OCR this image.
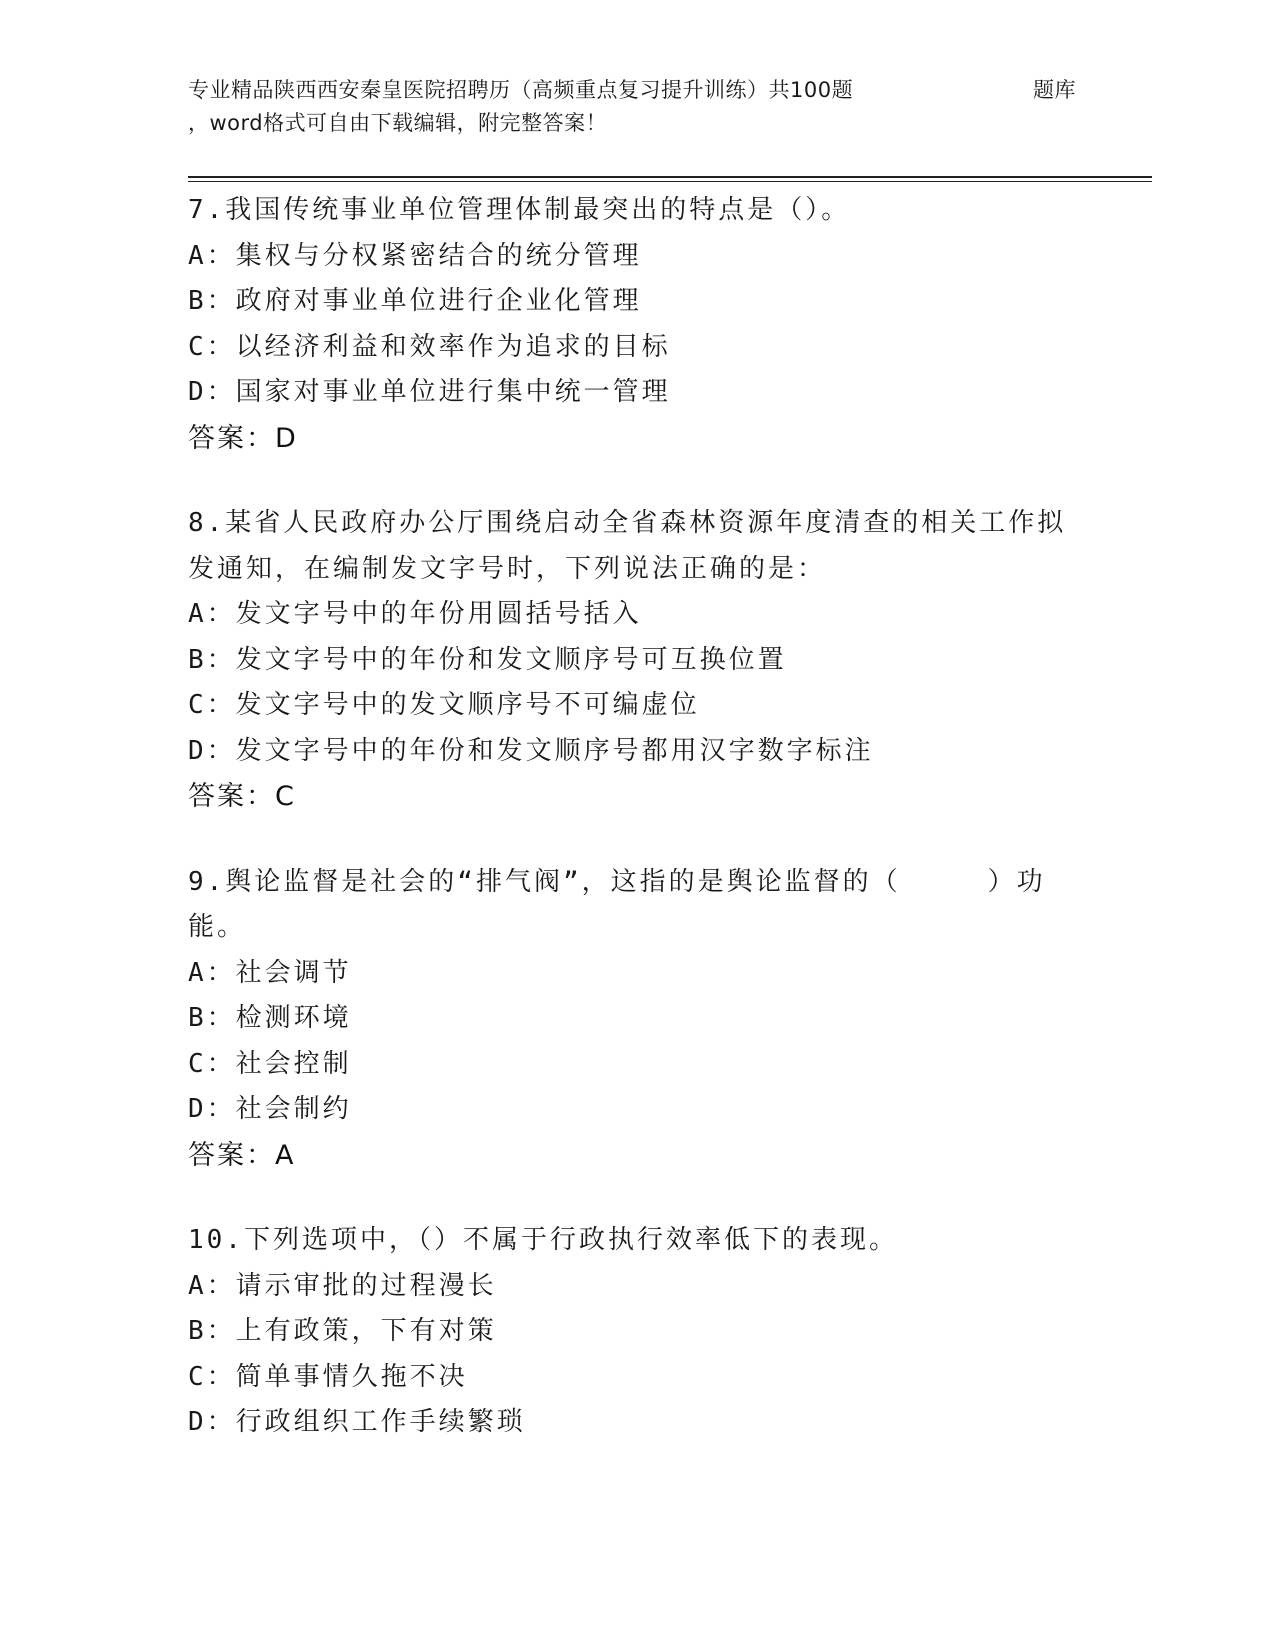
专业精品陕西西安秦皇医院招聘历（高频重点复习提升训练）共100题	题库
，word格式可自由下载编辑，附完整答案！

7.我国传统事业单位管理体制最突出的特点是（）。

A：集权与分权紧密结合的统分管理

B：政府对事业单位进行企业化管理

C：以经济利益和效率作为追求的目标

D：国家对事业单位进行集中统一管理

答案：D

8.某省人民政府办公厅围绕启动全省森林资源年度清查的相关工作拟发通知，在编制发文字号时，下列说法正确的是：

A：发文字号中的年份用圆括号括入

B：发文字号中的年份和发文顺序号可互换位置

C：发文字号中的发文顺序号不可编虚位

D：发文字号中的年份和发文顺序号都用汉字数字标注

答案：C

9.舆论监督是社会的“排气阀”，这指的是舆论监督的（　　　）功能。

A：社会调节

B：检测环境

C：社会控制

D：社会制约

答案：A

10.下列选项中，（）不属于行政执行效率低下的表现。

A：请示审批的过程漫长

B：上有政策，下有对策

C：简单事情久拖不决

D：行政组织工作手续繁琐
